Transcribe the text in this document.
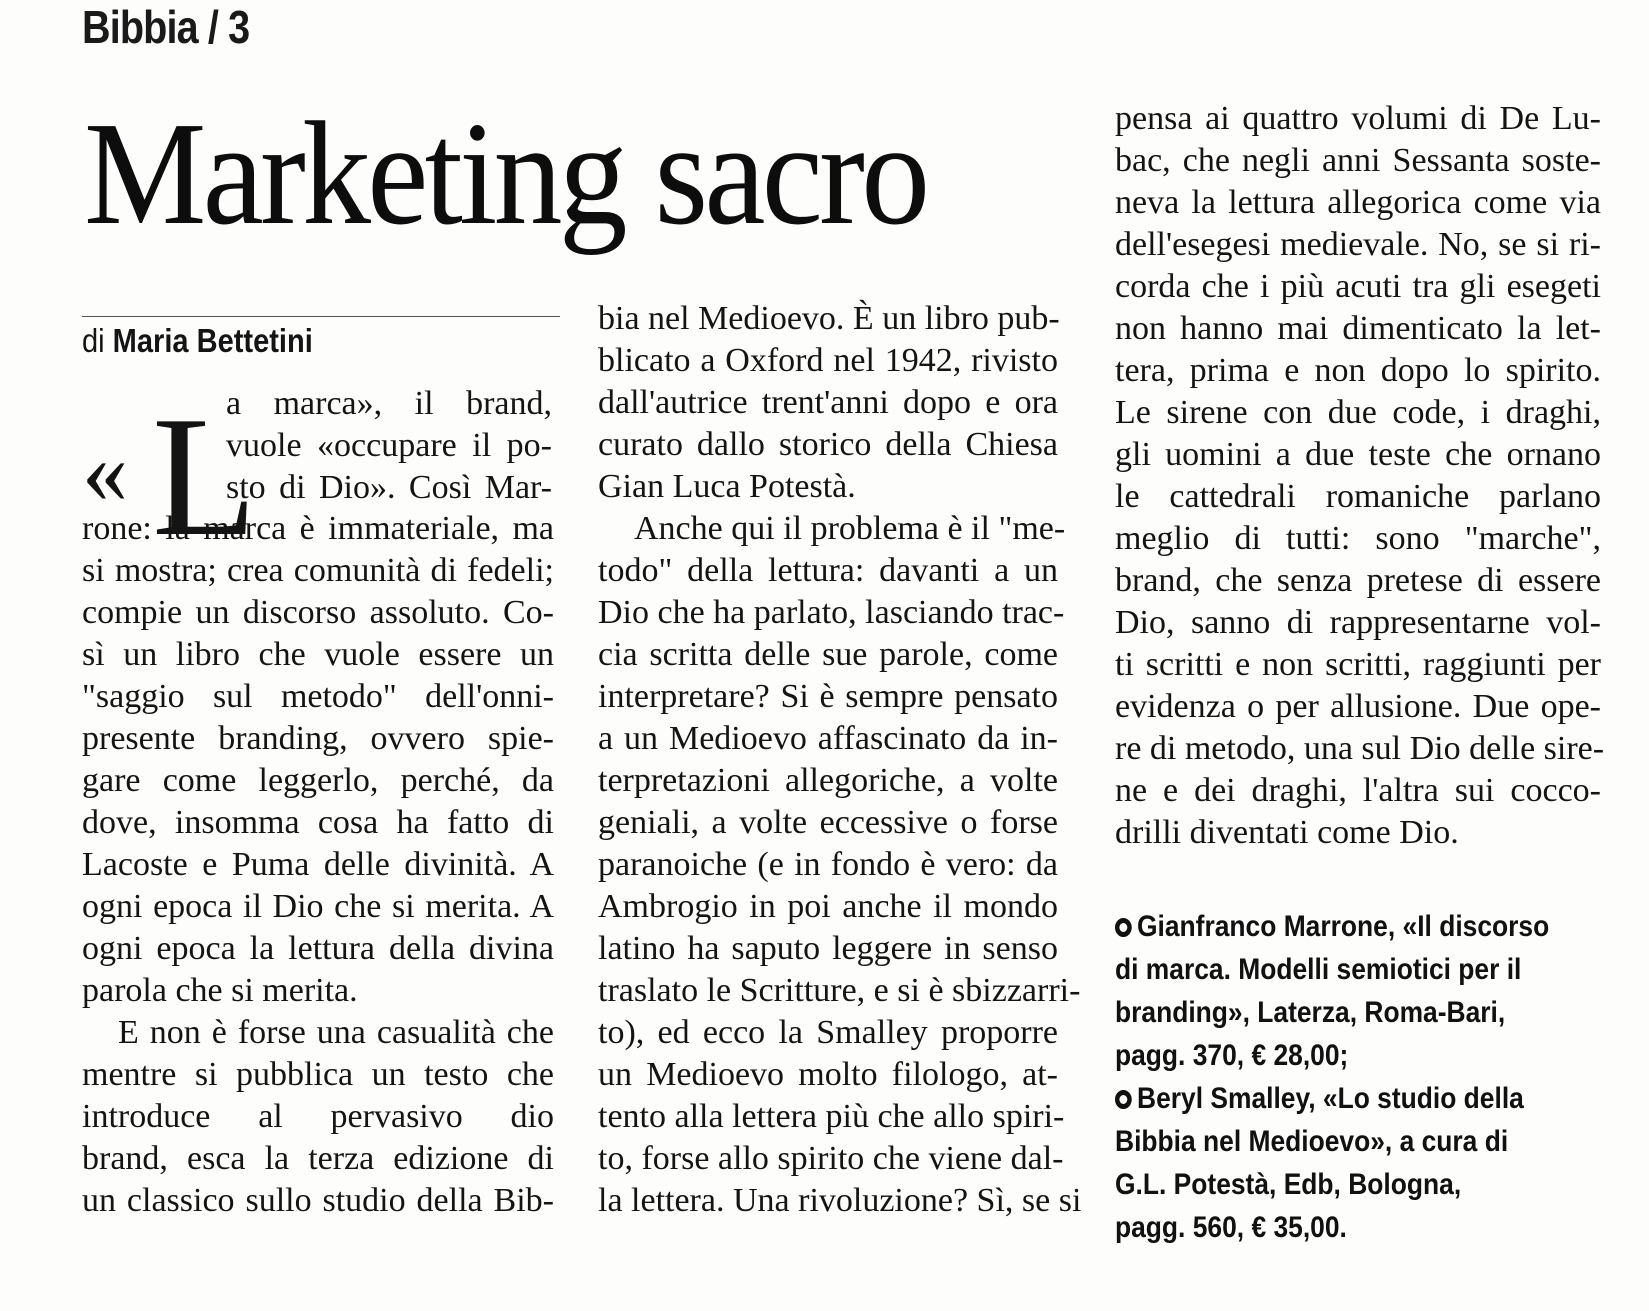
Bibbia / 3
Marketing sacro
di Maria Bettetini
« L
a marca», il brand,
vuole «occupare il po-
sto di Dio». Così Mar-
rone: la marca è immateriale, ma
si mostra; crea comunità di fedeli;
compie un discorso assoluto. Co-
sì un libro che vuole essere un
"saggio sul metodo" dell'onni-
presente branding, ovvero spie-
gare come leggerlo, perché, da
dove, insomma cosa ha fatto di
Lacoste e Puma delle divinità. A
ogni epoca il Dio che si merita. A
ogni epoca la lettura della divina
parola che si merita.
E non è forse una casualità che
mentre si pubblica un testo che
introduce al pervasivo dio
brand, esca la terza edizione di
un classico sullo studio della Bib-
bia nel Medioevo. È un libro pub-
blicato a Oxford nel 1942, rivisto
dall'autrice trent'anni dopo e ora
curato dallo storico della Chiesa
Gian Luca Potestà.
Anche qui il problema è il "me-
todo" della lettura: davanti a un
Dio che ha parlato, lasciando trac-
cia scritta delle sue parole, come
interpretare? Si è sempre pensato
a un Medioevo affascinato da in-
terpretazioni allegoriche, a volte
geniali, a volte eccessive o forse
paranoiche (e in fondo è vero: da
Ambrogio in poi anche il mondo
latino ha saputo leggere in senso
traslato le Scritture, e si è sbizzarri-
to), ed ecco la Smalley proporre
un Medioevo molto filologo, at-
tento alla lettera più che allo spiri-
to, forse allo spirito che viene dal-
la lettera. Una rivoluzione? Sì, se si
pensa ai quattro volumi di De Lu-
bac, che negli anni Sessanta soste-
neva la lettura allegorica come via
dell'esegesi medievale. No, se si ri-
corda che i più acuti tra gli esegeti
non hanno mai dimenticato la let-
tera, prima e non dopo lo spirito.
Le sirene con due code, i draghi,
gli uomini a due teste che ornano
le cattedrali romaniche parlano
meglio di tutti: sono "marche",
brand, che senza pretese di essere
Dio, sanno di rappresentarne vol-
ti scritti e non scritti, raggiunti per
evidenza o per allusione. Due ope-
re di metodo, una sul Dio delle sire-
ne e dei draghi, l'altra sui cocco-
drilli diventati come Dio.
Gianfranco Marrone, «Il discorso
di marca. Modelli semiotici per il
branding», Laterza, Roma-Bari,
pagg. 370, € 28,00;
Beryl Smalley, «Lo studio della
Bibbia nel Medioevo», a cura di
G.L. Potestà, Edb, Bologna,
pagg. 560, € 35,00.
